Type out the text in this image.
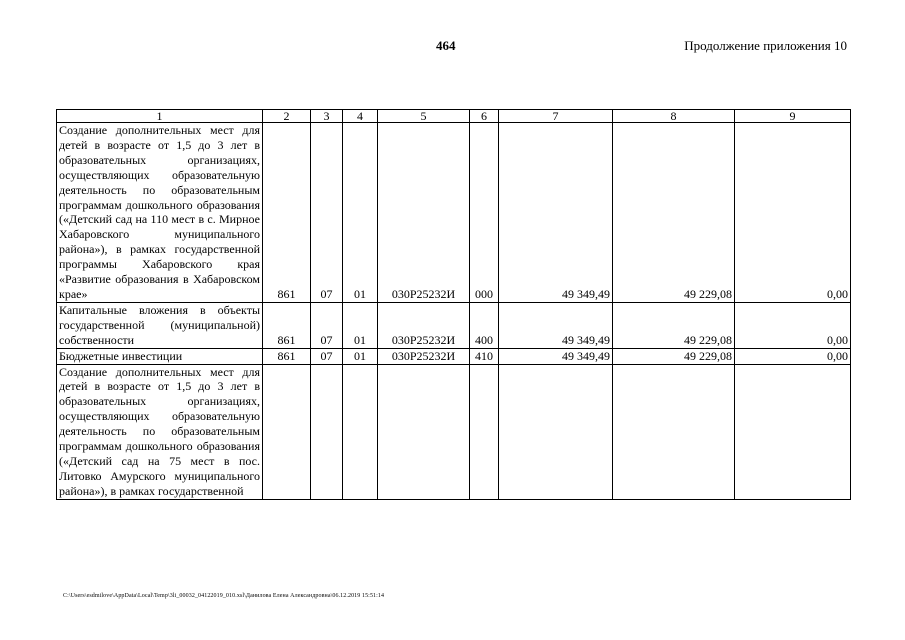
464	Продолжение приложения 10
1	2	3	4	5	6	7	8	9
Создание дополнительных мест для детей в возрасте от 1,5 до 3 лет в образовательных организациях, осуществляющих образовательную деятельность по образовательным программам дошкольного образования («Детский сад на 110 мест в с. Мирное Хабаровского муниципального района»), в рамках государственной программы Хабаровского края «Развитие образования в Хабаровском крае»	861	07	01	030P25232И	000	49 349,49	49 229,08	0,00
Капитальные вложения в объекты государственной (муниципальной) собственности	861	07	01	030P25232И	400	49 349,49	49 229,08	0,00
Бюджетные инвестиции	861	07	01	030P25232И	410	49 349,49	49 229,08	0,00
Создание дополнительных мест для детей в возрасте от 1,5 до 3 лет в образовательных организациях, осуществляющих образовательную деятельность по образовательным программам дошкольного образования («Детский сад на 75 мест в пос. Литовко Амурского муниципального района»), в рамках государственной								
C:\Users\esdmilove\AppData\Local\Temp\3li_00032_04122019_010.xsl\Данилова Елена Александровна\06.12.2019 15:51:14
